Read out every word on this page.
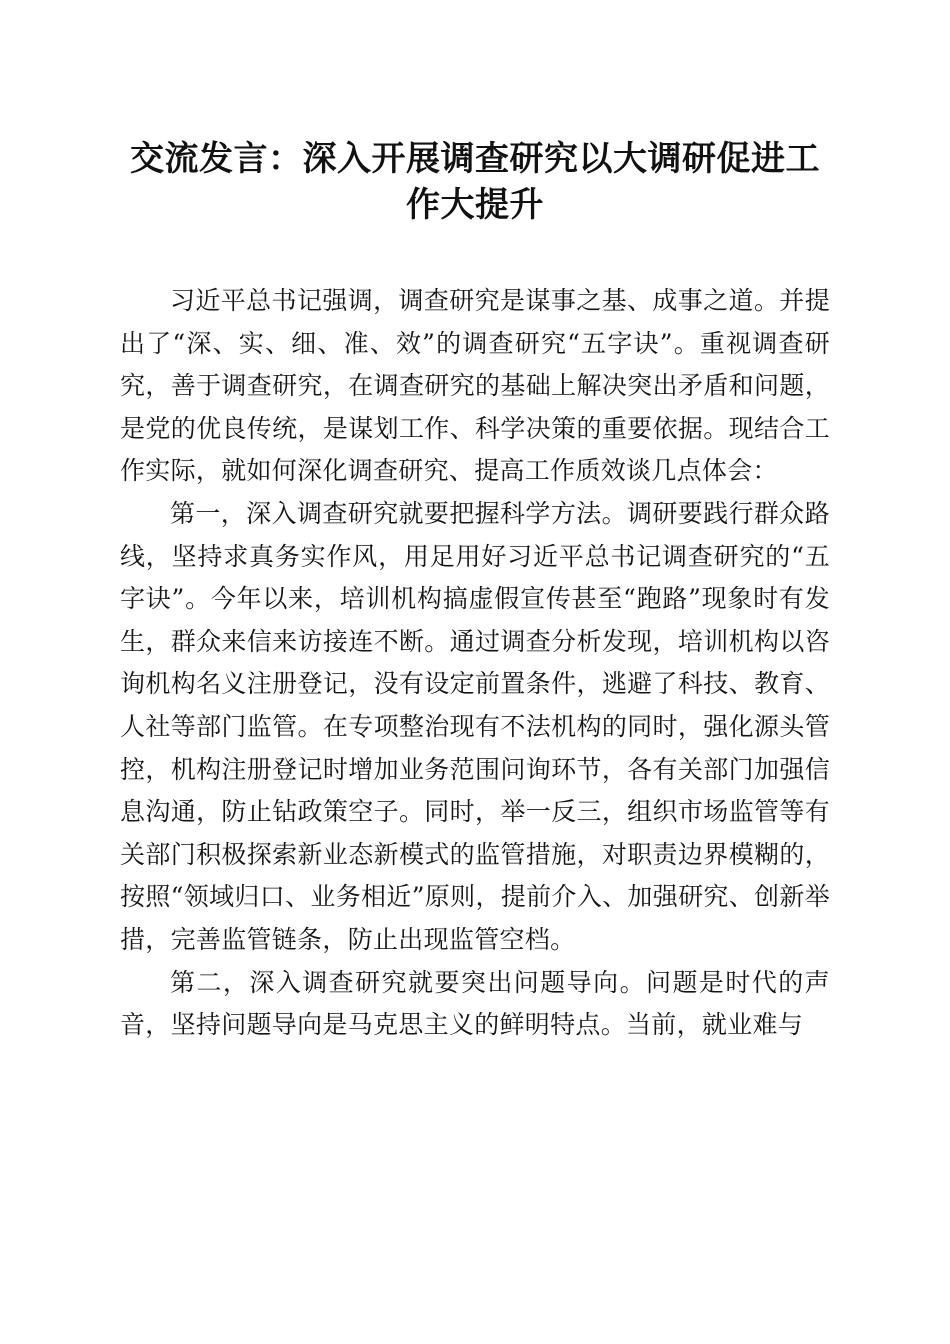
交流发言：深入开展调查研究以大调研促进工
作大提升

习近平总书记强调，调查研究是谋事之基、成事之道。并提出了“深、实、细、准、效”的调查研究“五字诀”。重视调查研究，善于调查研究，在调查研究的基础上解决突出矛盾和问题，是党的优良传统，是谋划工作、科学决策的重要依据。现结合工作实际，就如何深化调查研究、提高工作质效谈几点体会：

第一，深入调查研究就要把握科学方法。调研要践行群众路线，坚持求真务实作风，用足用好习近平总书记调查研究的“五字诀”。今年以来，培训机构搞虚假宣传甚至“跑路”现象时有发生，群众来信来访接连不断。通过调查分析发现，培训机构以咨询机构名义注册登记，没有设定前置条件，逃避了科技、教育、人社等部门监管。在专项整治现有不法机构的同时，强化源头管控，机构注册登记时增加业务范围问询环节，各有关部门加强信息沟通，防止钻政策空子。同时，举一反三，组织市场监管等有关部门积极探索新业态新模式的监管措施，对职责边界模糊的，按照“领域归口、业务相近”原则，提前介入、加强研究、创新举措，完善监管链条，防止出现监管空档。

第二，深入调查研究就要突出问题导向。问题是时代的声音，坚持问题导向是马克思主义的鲜明特点。当前，就业难与
